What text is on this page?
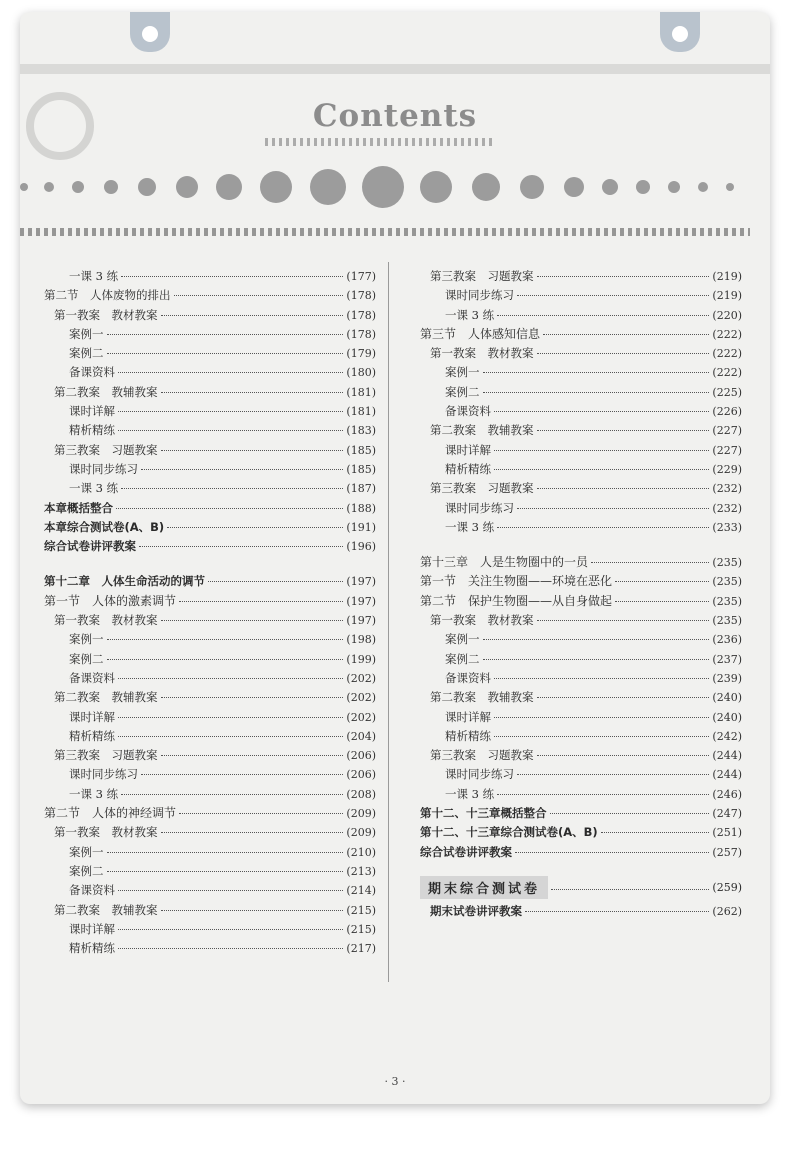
Contents
一课 3 练	(177)
第二节　人体废物的排出	(178)
第一教案　教材教案	(178)
案例一	(178)
案例二	(179)
备课资料	(180)
第二教案　教辅教案	(181)
课时详解	(181)
精析精练	(183)
第三教案　习题教案	(185)
课时同步练习	(185)
一课 3 练	(187)
本章概括整合	(188)
本章综合测试卷(A、B)	(191)
综合试卷讲评教案	(196)
第十二章　人体生命活动的调节	(197)
第一节　人体的激素调节	(197)
第一教案　教材教案	(197)
案例一	(198)
案例二	(199)
备课资料	(202)
第二教案　教辅教案	(202)
课时详解	(202)
精析精练	(204)
第三教案　习题教案	(206)
课时同步练习	(206)
一课 3 练	(208)
第二节　人体的神经调节	(209)
第一教案　教材教案	(209)
案例一	(210)
案例二	(213)
备课资料	(214)
第二教案　教辅教案	(215)
课时详解	(215)
精析精练	(217)
第三教案　习题教案	(219)
课时同步练习	(219)
一课 3 练	(220)
第三节　人体感知信息	(222)
第一教案　教材教案	(222)
案例一	(222)
案例二	(225)
备课资料	(226)
第二教案　教辅教案	(227)
课时详解	(227)
精析精练	(229)
第三教案　习题教案	(232)
课时同步练习	(232)
一课 3 练	(233)
第十三章　人是生物圈中的一员	(235)
第一节　关注生物圈——环境在恶化	(235)
第二节　保护生物圈——从自身做起	(235)
第一教案　教材教案	(235)
案例一	(236)
案例二	(237)
备课资料	(239)
第二教案　教辅教案	(240)
课时详解	(240)
精析精练	(242)
第三教案　习题教案	(244)
课时同步练习	(244)
一课 3 练	(246)
第十二、十三章概括整合	(247)
第十二、十三章综合测试卷(A、B)	(251)
综合试卷讲评教案	(257)
期末综合测试卷	(259)
期末试卷讲评教案	(262)
· 3 ·
